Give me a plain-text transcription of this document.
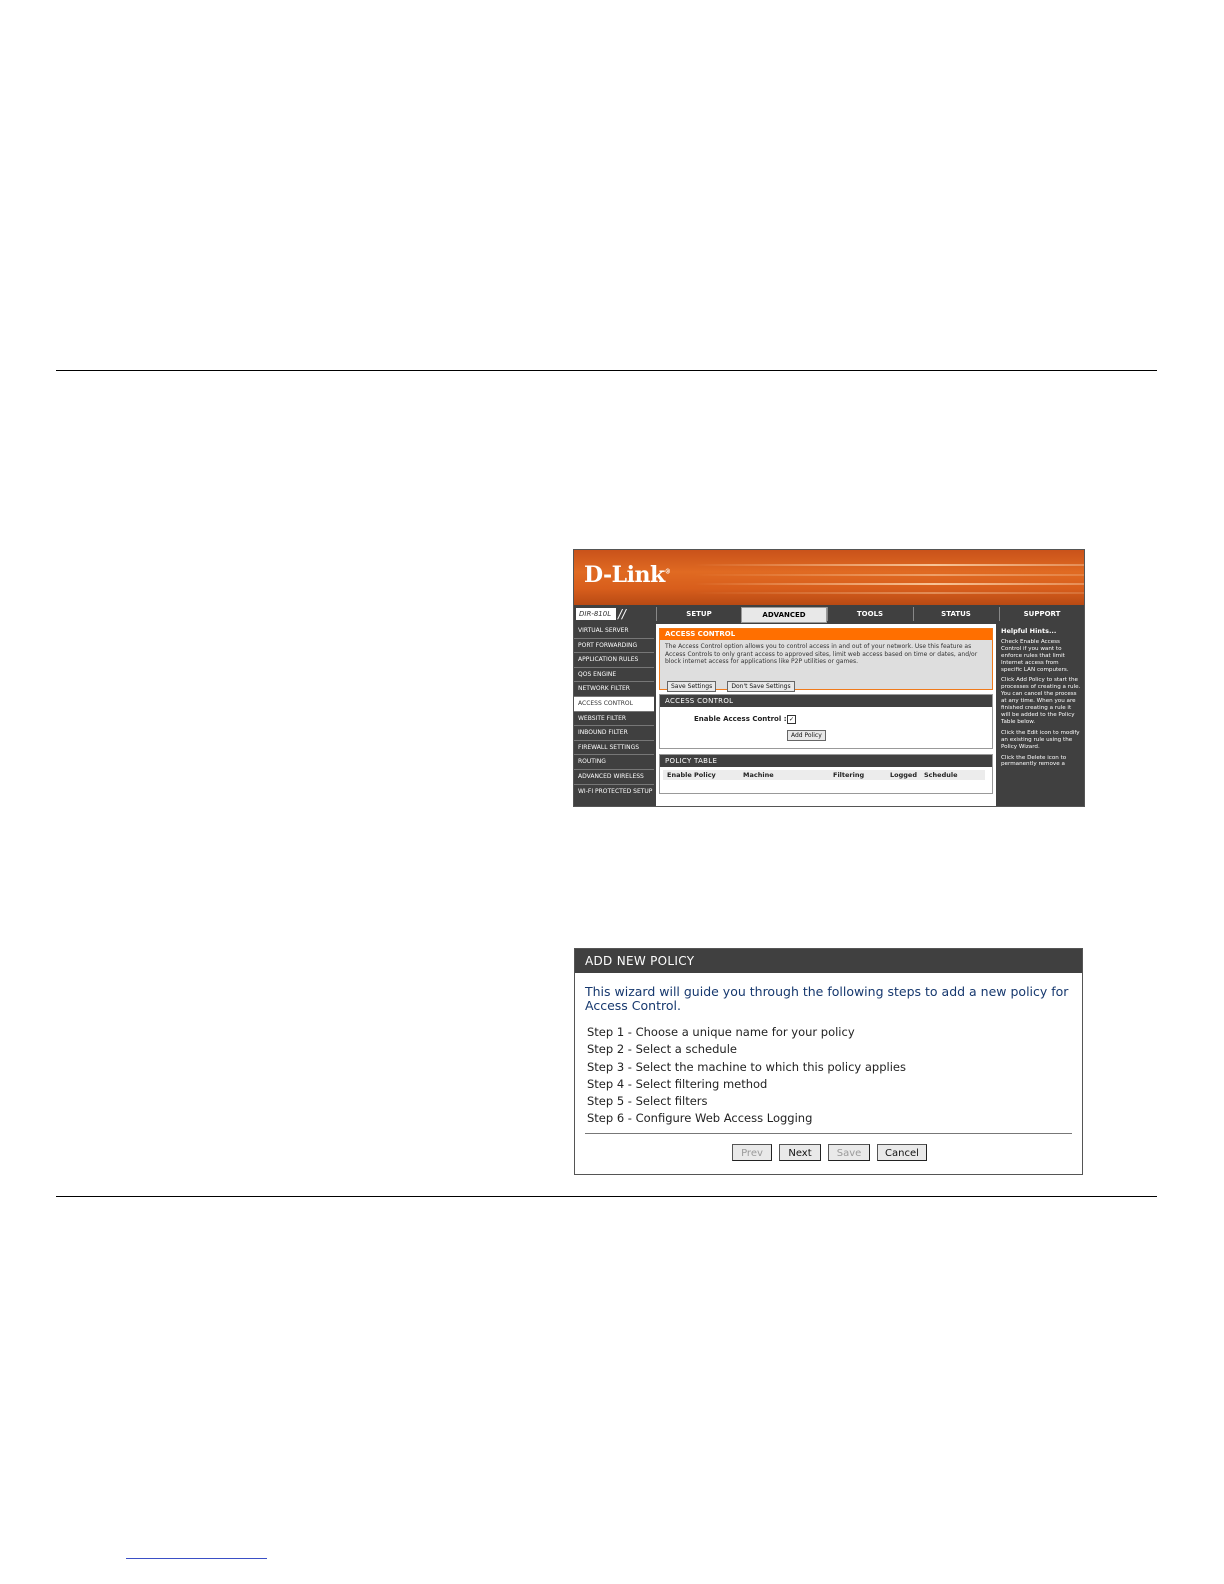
D-Link®
DIR-810L / /	SETUP	ADVANCED	TOOLS	STATUS	SUPPORT
VIRTUAL SERVER
PORT FORWARDING
APPLICATION RULES
QOS ENGINE
NETWORK FILTER
ACCESS CONTROL
WEBSITE FILTER
INBOUND FILTER
FIREWALL SETTINGS
ROUTING
ADVANCED WIRELESS
WI-FI PROTECTED SETUP
ACCESS CONTROL
The Access Control option allows you to control access in and out of your network. Use this feature as Access Controls to only grant access to approved sites, limit web access based on time or dates, and/or block internet access for applications like P2P utilities or games.
Save Settings	Don't Save Settings
ACCESS CONTROL
Enable Access Control : ✓
Add Policy
POLICY TABLE
Enable Policy	Machine	Filtering	Logged Schedule
Helpful Hints...

Check Enable Access Control if you want to enforce rules that limit Internet access from specific LAN computers.

Click Add Policy to start the processes of creating a rule. You can cancel the process at any time. When you are finished creating a rule it will be added to the Policy Table below.

Click the Edit icon to modify an existing rule using the Policy Wizard.

Click the Delete icon to permanently remove a

ADD NEW POLICY
This wizard will guide you through the following steps to add a new policy for Access Control.
Step 1 - Choose a unique name for your policy
Step 2 - Select a schedule
Step 3 - Select the machine to which this policy applies
Step 4 - Select filtering method
Step 5 - Select filters
Step 6 - Configure Web Access Logging
Prev	Next	Save	Cancel
